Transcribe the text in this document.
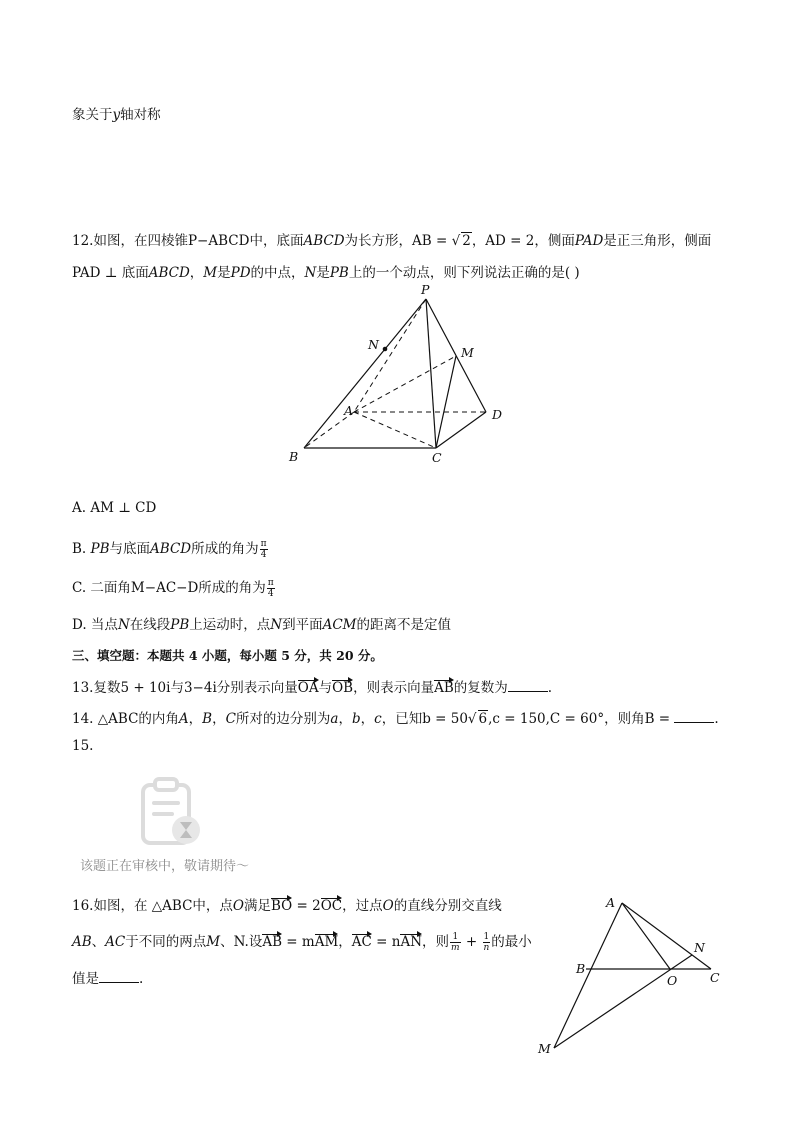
象关于y轴对称
12.如图，在四棱锥P−ABCD中，底面ABCD为长方形，AB = √ 2，AD = 2，侧面PAD是正三角形，侧面
PAD ⊥ 底面ABCD，M是PD的中点，N是PB上的一个动点，则下列说法正确的是( )
P
N
M
A	D
B	C
A. AM ⊥ CD
B. PB与底面ABCD所成的角为 $\frac{\pi}{4}$
C. 二面角M−AC−D所成的角为 $\frac{\pi}{4}$
D. 当点N在线段PB上运动时，点N到平面ACM的距离不是定值
三、填空题：本题共 4 小题，每小题 5 分，共 20 分。
13.复数5 + 10i与3−4i分别表示向量OA与OB，则表示向量AB的复数为	.
14. △ABC的内角A，B，C所对的边分别为a，b，c，已知b = 50√ 6,c = 150,C = 60°，则角B =	.
15.
该题正在审核中，敬请期待～
16.如图，在 △ABC中，点O满足BO = 2OC，过点O的直线分别交直线
AB、AC于不同的两点M、N.设AB = mAM，AC = nAN，则 $\frac{1}{m} + \frac{1}{n}$ 的最小
值是	.
A
N
B
O	C
M
